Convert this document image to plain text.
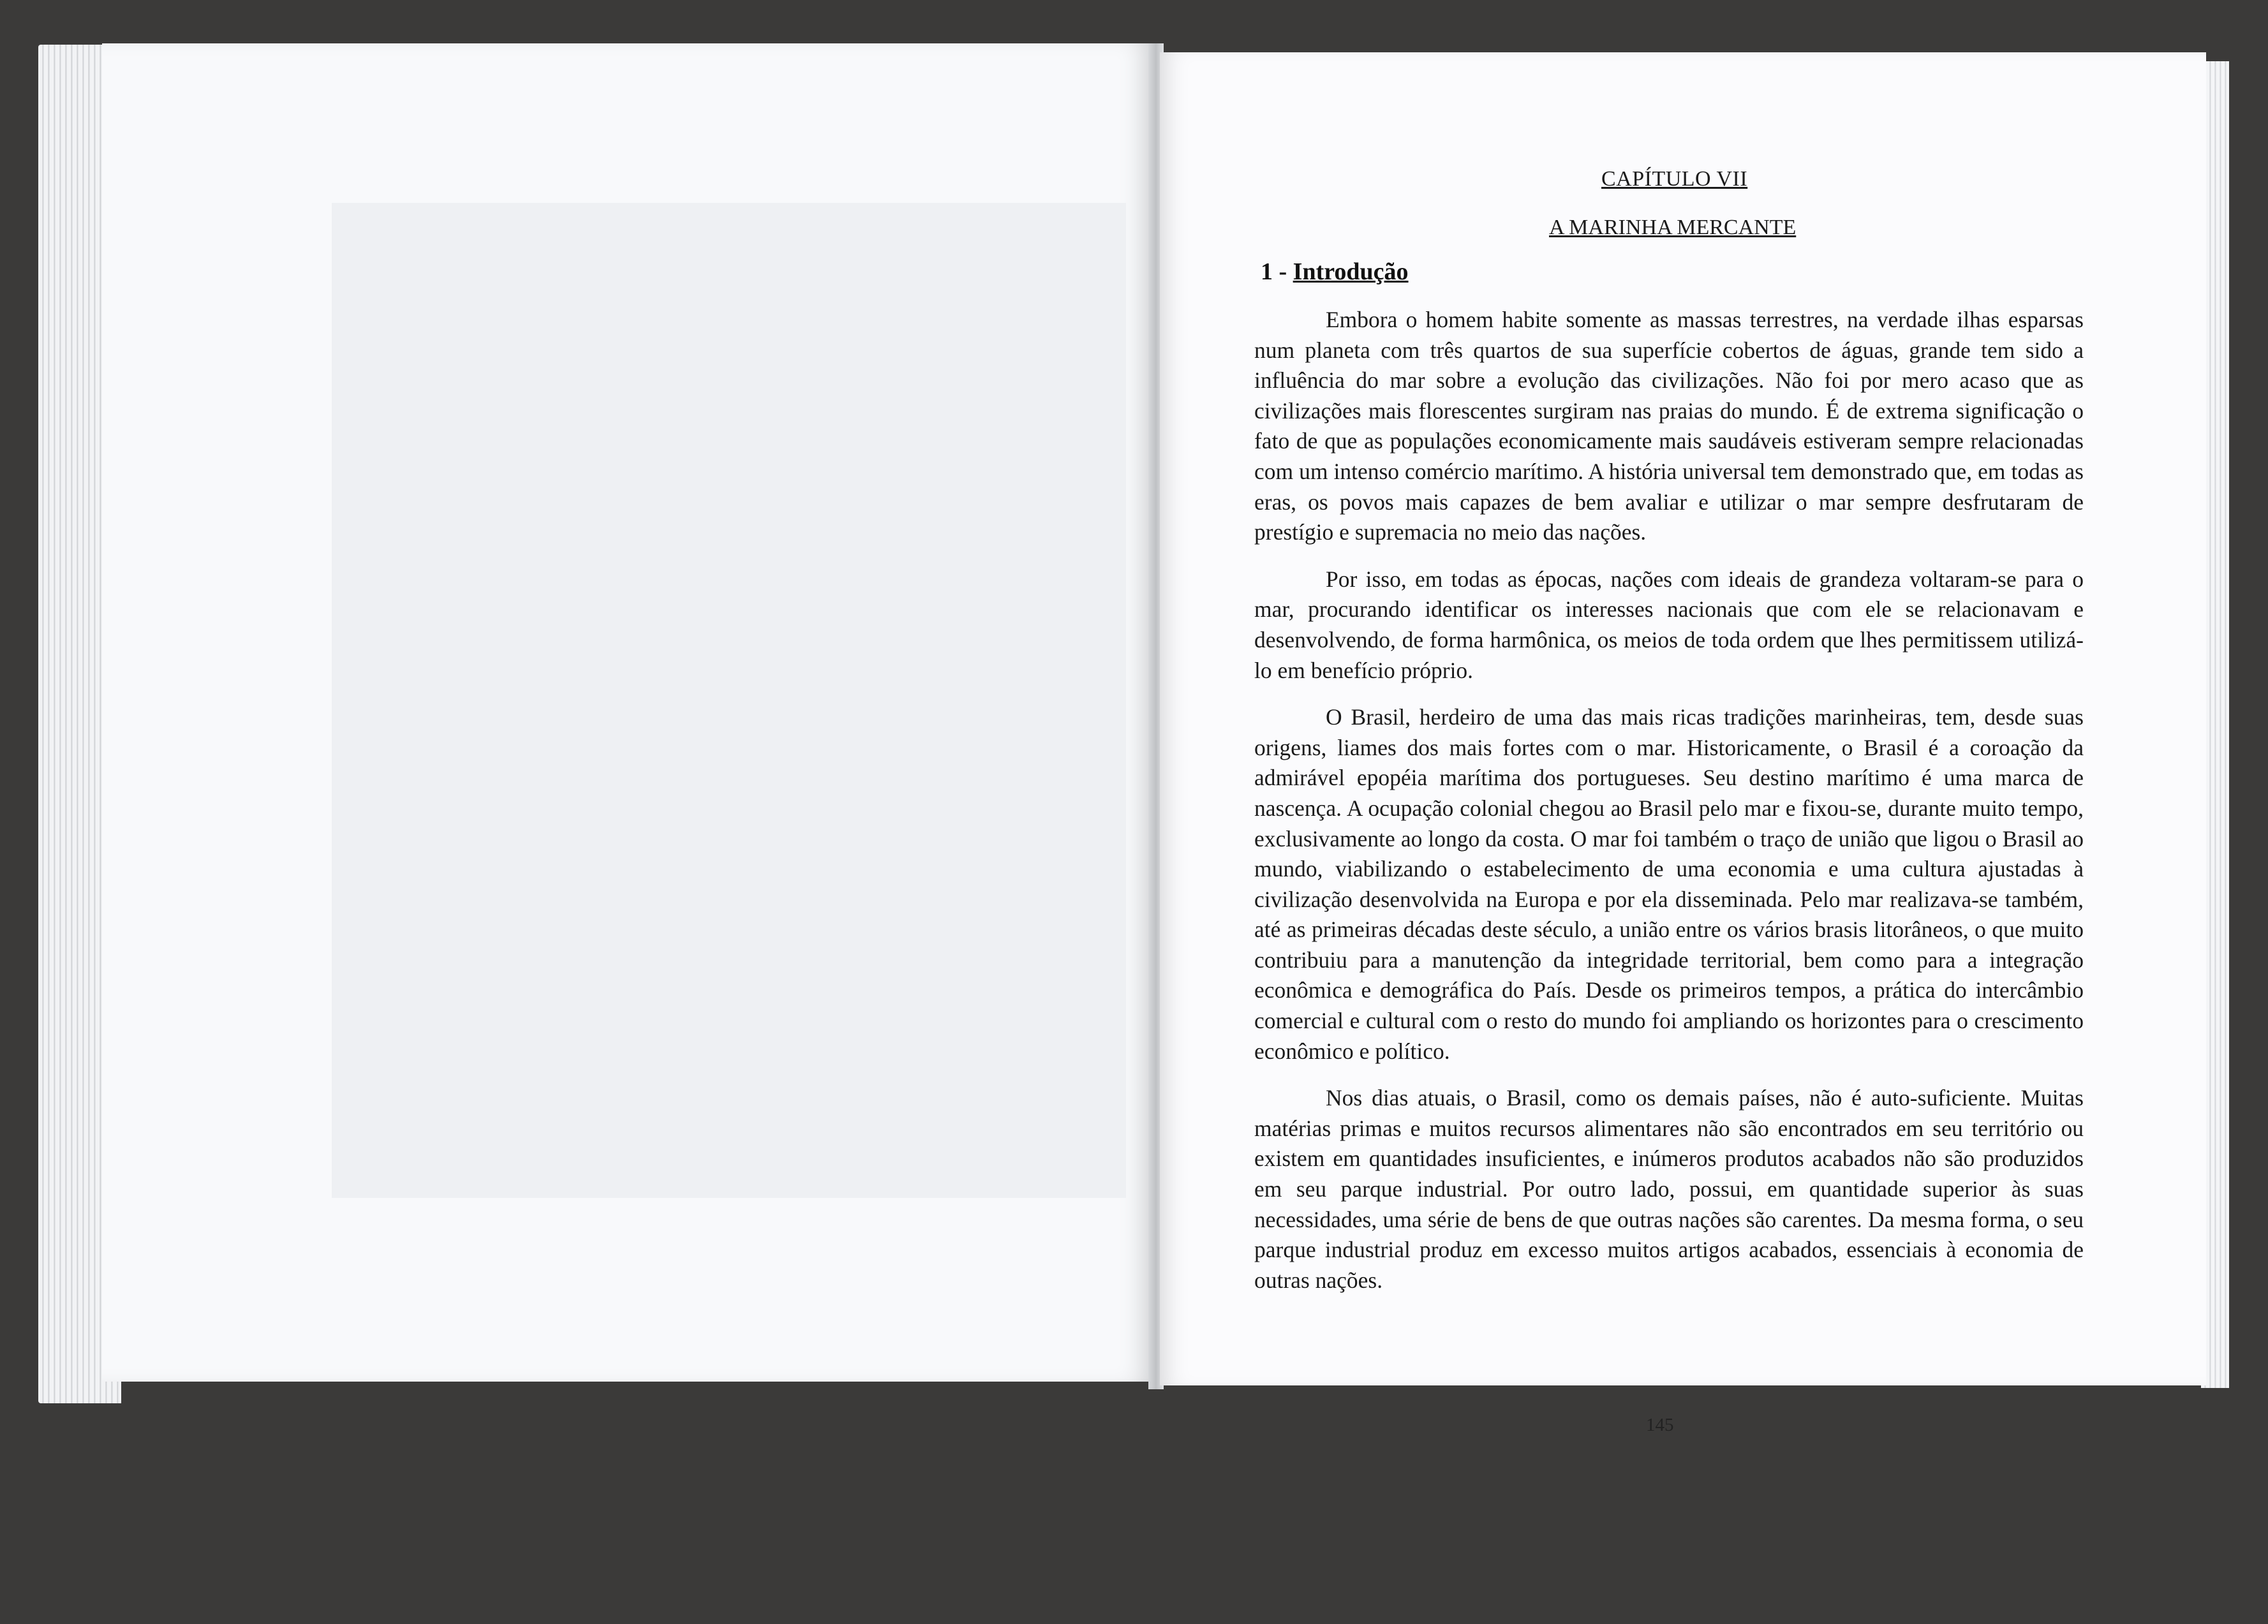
CAPÍTULO VII
A MARINHA MERCANTE
1 - Introdução

Embora o homem habite somente as massas terrestres, na verdade ilhas esparsas num planeta com três quartos de sua superfície cobertos de águas, grande tem sido a influência do mar sobre a evolução das civilizações. Não foi por mero acaso que as civilizações mais florescentes surgiram nas praias do mundo. É de extrema significação o fato de que as populações economicamente mais saudáveis estiveram sempre relacionadas com um intenso comércio marítimo. A história universal tem demonstrado que, em todas as eras, os povos mais capazes de bem avaliar e utilizar o mar sempre desfrutaram de prestígio e supremacia no meio das nações.

Por isso, em todas as épocas, nações com ideais de grandeza voltaram-se para o mar, procurando identificar os interesses nacionais que com ele se relacionavam e desenvolvendo, de forma harmônica, os meios de toda ordem que lhes permitissem utilizá-lo em benefício próprio.

O Brasil, herdeiro de uma das mais ricas tradições marinheiras, tem, desde suas origens, liames dos mais fortes com o mar. Historicamente, o Brasil é a coroação da admirável epopéia marítima dos portugueses. Seu destino marítimo é uma marca de nascença. A ocupação colonial chegou ao Brasil pelo mar e fixou-se, durante muito tempo, exclusivamente ao longo da costa. O mar foi também o traço de união que ligou o Brasil ao mundo, viabilizando o estabelecimento de uma economia e uma cultura ajustadas à civilização desenvolvida na Europa e por ela disseminada. Pelo mar realizava-se também, até as primeiras décadas deste século, a união entre os vários brasis litorâneos, o que muito contribuiu para a manutenção da integridade territorial, bem como para a integração econômica e demográfica do País. Desde os primeiros tempos, a prática do intercâmbio comercial e cultural com o resto do mundo foi ampliando os horizontes para o crescimento econômico e político.

Nos dias atuais, o Brasil, como os demais países, não é auto-suficiente. Muitas matérias primas e muitos recursos alimentares não são encontrados em seu território ou existem em quantidades insuficientes, e inúmeros produtos acabados não são produzidos em seu parque industrial. Por outro lado, possui, em quantidade superior às suas necessidades, uma série de bens de que outras nações são carentes. Da mesma forma, o seu parque industrial produz em excesso muitos artigos acabados, essenciais à economia de outras nações.

145
